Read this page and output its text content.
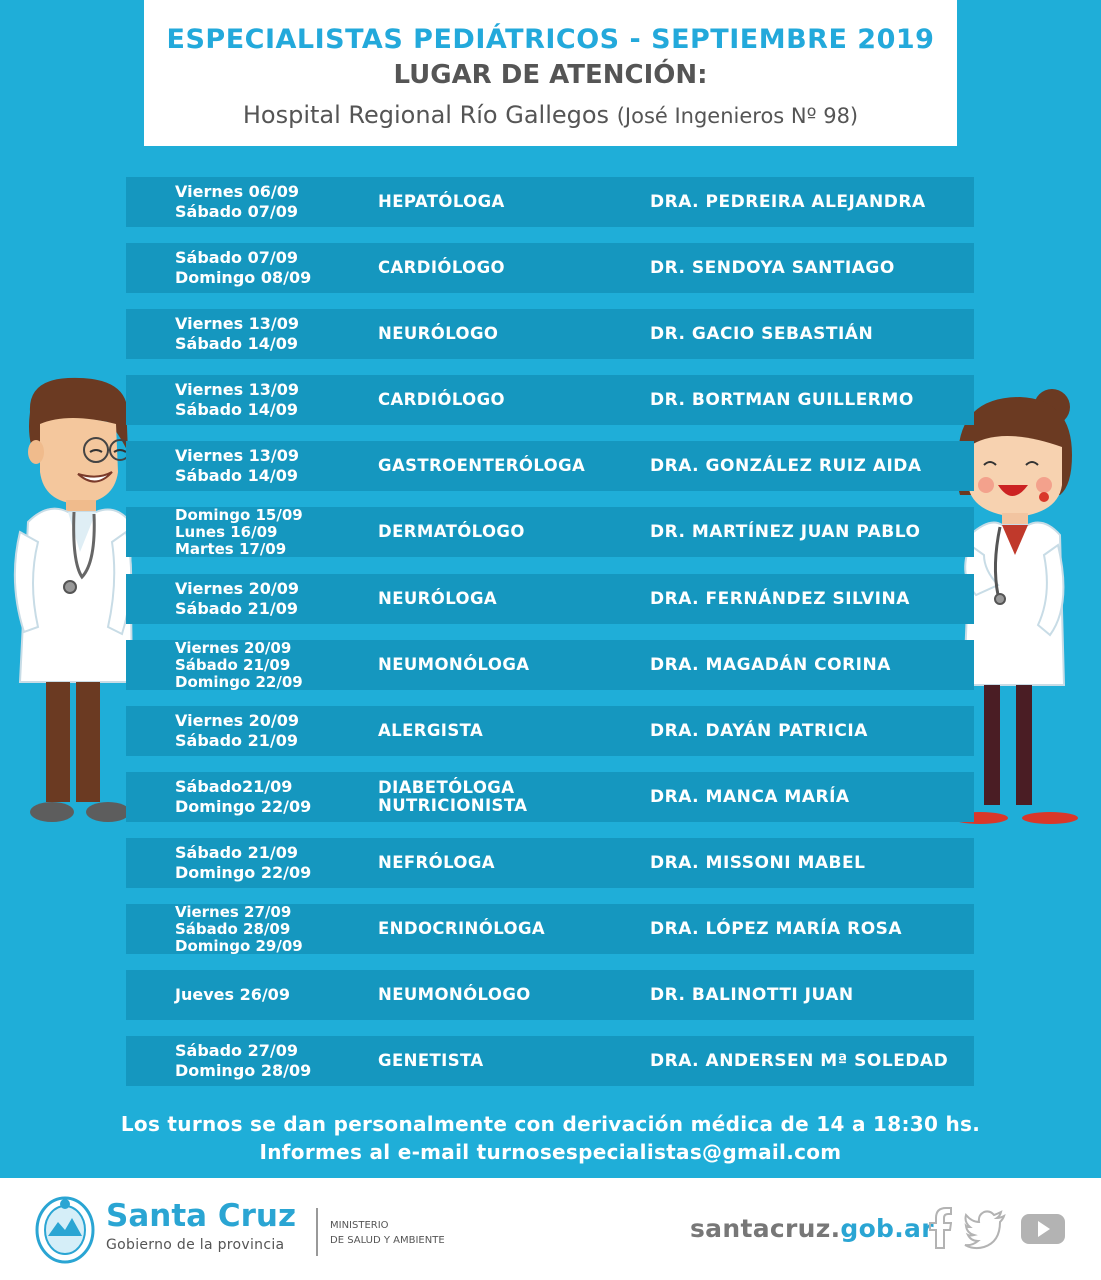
ESPECIALISTAS PEDIÁTRICOS - SEPTIEMBRE 2019
LUGAR DE ATENCIÓN:
Hospital Regional Río Gallegos (José Ingenieros Nº 98)
Viernes 06/09
Sábado 07/09
HEPATÓLOGA	DRA. PEDREIRA ALEJANDRA
Sábado 07/09
Domingo 08/09
CARDIÓLOGO	DR. SENDOYA SANTIAGO
Viernes 13/09
Sábado 14/09
NEURÓLOGO	DR. GACIO SEBASTIÁN
Viernes 13/09
Sábado 14/09
CARDIÓLOGO	DR. BORTMAN GUILLERMO
Viernes 13/09
Sábado 14/09
GASTROENTERÓLOGA	DRA. GONZÁLEZ RUIZ AIDA
Domingo 15/09
Lunes 16/09
Martes 17/09
DERMATÓLOGO	DR. MARTÍNEZ JUAN PABLO
Viernes 20/09
Sábado 21/09
NEURÓLOGA	DRA. FERNÁNDEZ SILVINA
Viernes 20/09
Sábado 21/09
Domingo 22/09
NEUMONÓLOGA	DRA. MAGADÁN CORINA
Viernes 20/09
Sábado 21/09
ALERGISTA	DRA. DAYÁN PATRICIA
Sábado21/09
Domingo 22/09
DIABETÓLOGA
NUTRICIONISTA	DRA. MANCA MARÍA
Sábado 21/09
Domingo 22/09
NEFRÓLOGA	DRA. MISSONI MABEL
Viernes 27/09
Sábado 28/09
Domingo 29/09
ENDOCRINÓLOGA	DRA. LÓPEZ MARÍA ROSA
Jueves 26/09	NEUMONÓLOGO	DR. BALINOTTI JUAN
Sábado 27/09
Domingo 28/09
GENETISTA	DRA. ANDERSEN Mª SOLEDAD
Los turnos se dan personalmente con derivación médica de 14 a 18:30 hs.
Informes al e-mail turnosespecialistas@gmail.com
Santa Cruz
Gobierno de la provincia
MINISTERIO
DE SALUD Y AMBIENTE	santacruz.gob.ar
